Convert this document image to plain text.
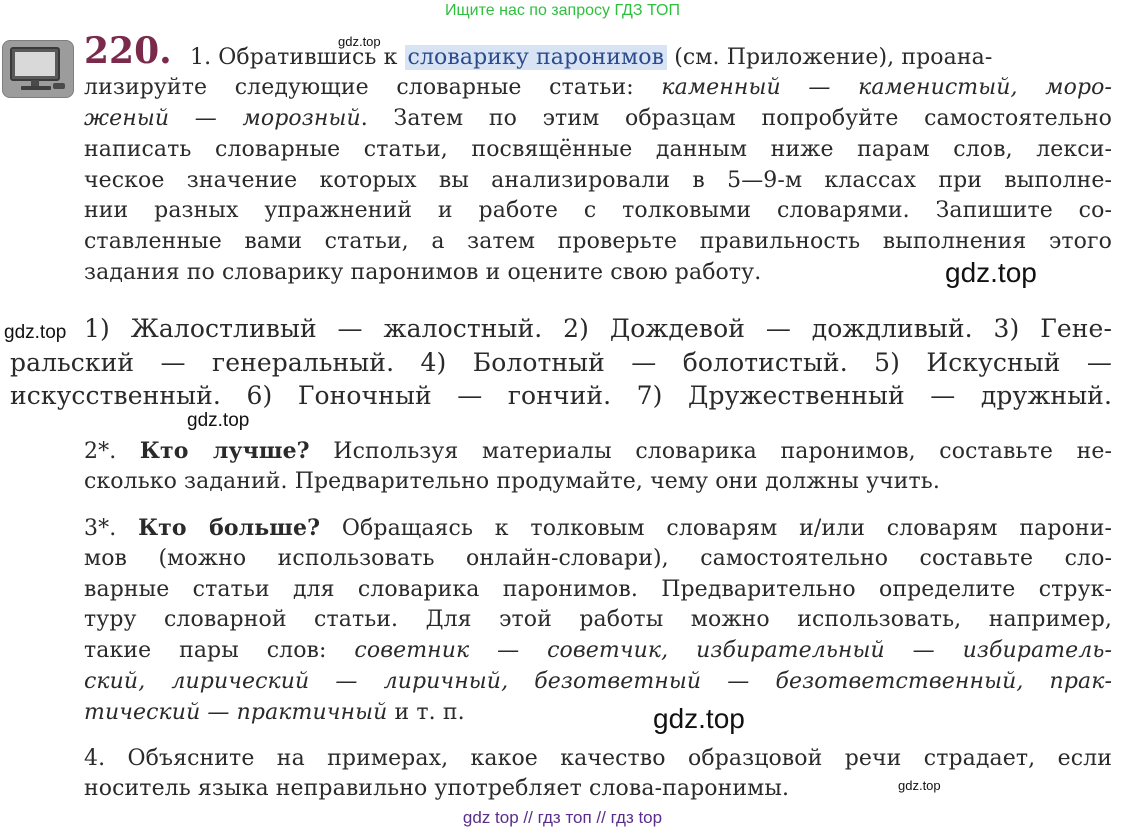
Ищите нас по запросу ГДЗ ТОП
220. 1. Обратившись к словарику паронимов (см. Приложение), проана-
лизируйте следующие словарные статьи: каменный — каменистый, моро-
женый — морозный. Затем по этим образцам попробуйте самостоятельно
написать словарные статьи, посвящённые данным ниже парам слов, лекси-
ческое значение которых вы анализировали в 5—9-м классах при выполне-
нии разных упражнений и работе с толковыми словарями. Запишите со-
ставленные вами статьи, а затем проверьте правильность выполнения этого
задания по словарику паронимов и оцените свою работу.
1) Жалостливый — жалостный. 2) Дождевой — дождливый. 3) Гене-
ральский — генеральный. 4) Болотный — болотистый. 5) Искусный —
искусственный. 6) Гоночный — гончий. 7) Дружественный — дружный.
2*. Кто лучше? Используя материалы словарика паронимов, составьте не-
сколько заданий. Предварительно продумайте, чему они должны учить.
3*. Кто больше? Обращаясь к толковым словарям и/или словарям парони-
мов (можно использовать онлайн-словари), самостоятельно составьте сло-
варные статьи для словарика паронимов. Предварительно определите струк-
туру словарной статьи. Для этой работы можно использовать, например,
такие пары слов: советник — советчик, избирательный — избиратель-
ский, лирический — лиричный, безответный — безответственный, прак-
тический — практичный и т. п.
4. Объясните на примерах, какое качество образцовой речи страдает, если
носитель языка неправильно употребляет слова-паронимы.
gdz.top
gdz.top
gdz.top
gdz.top
gdz.top
gdz.top
gdz top // гдз топ // гдз top
